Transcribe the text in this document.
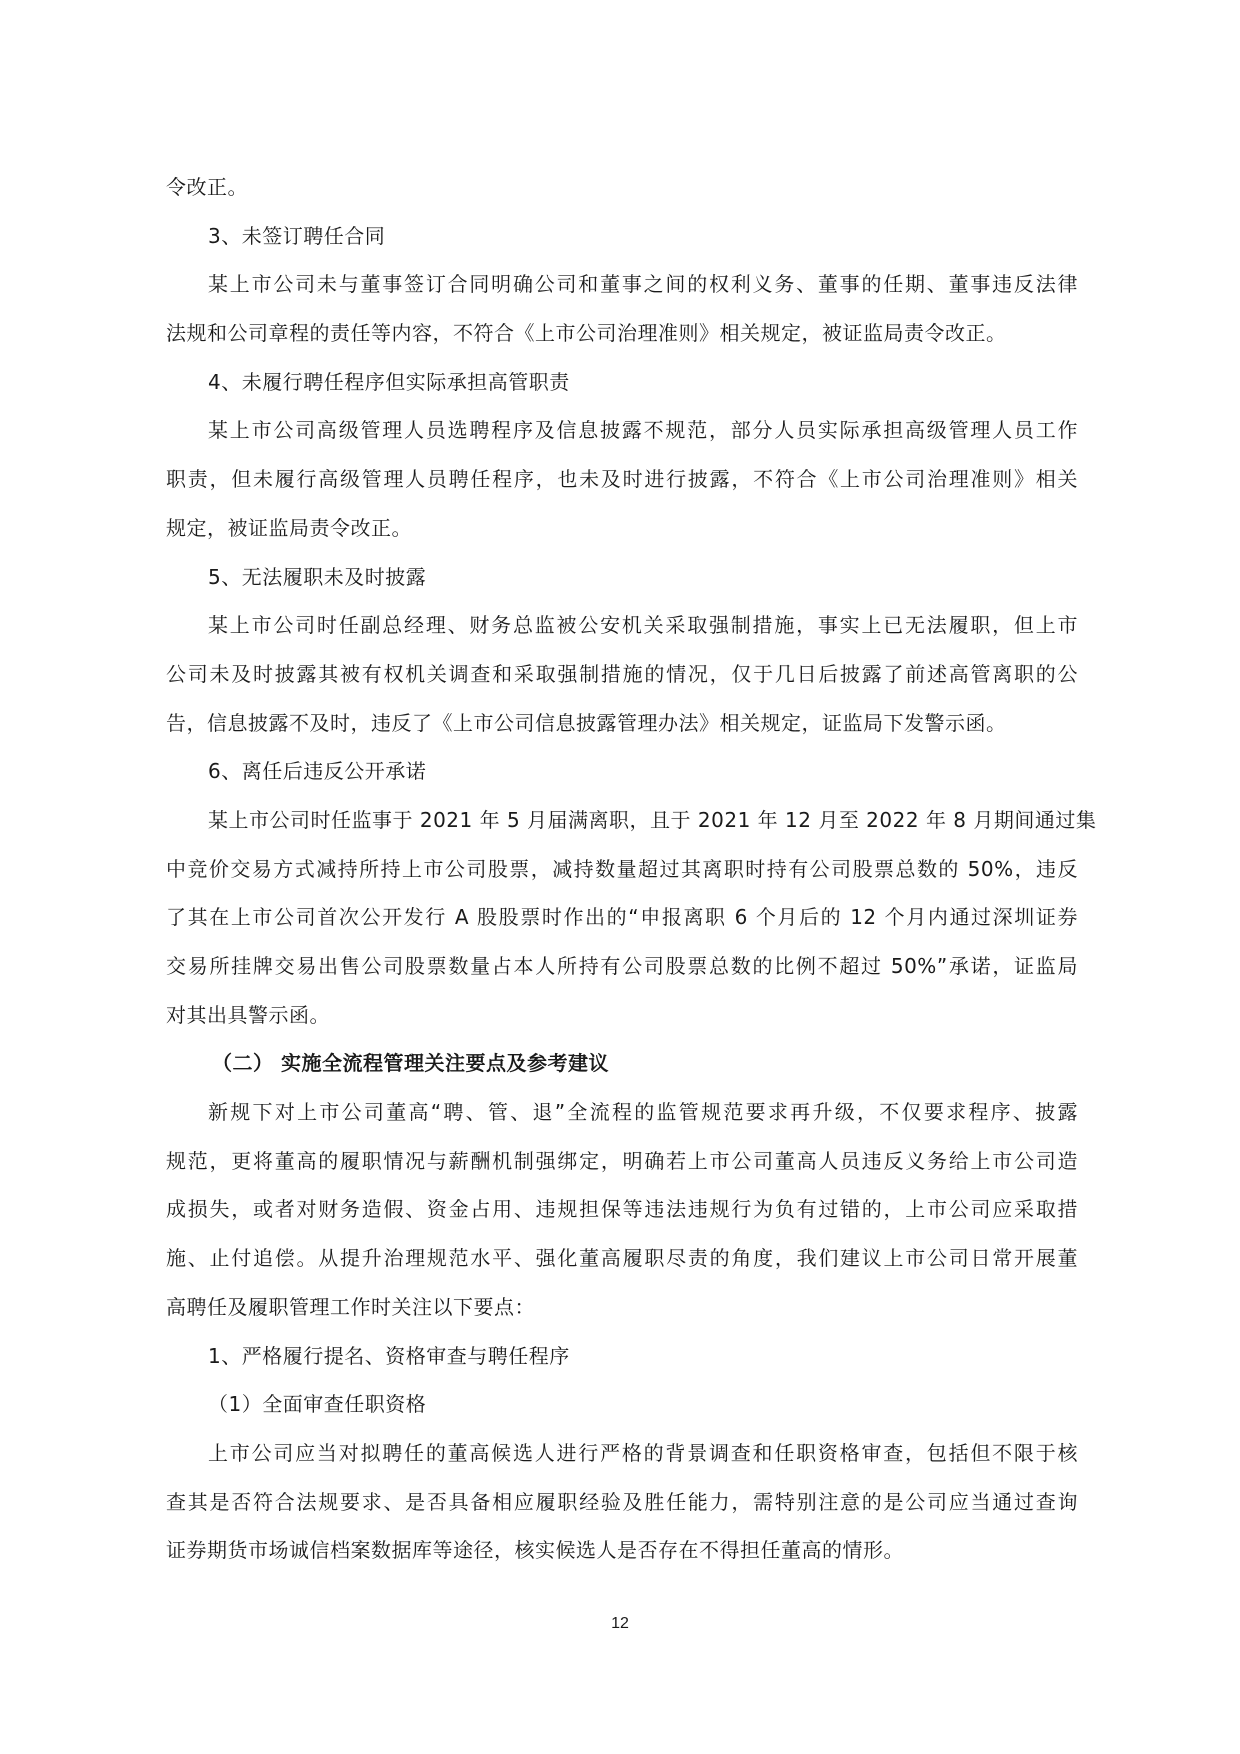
令改正。
3、未签订聘任合同
某上市公司未与董事签订合同明确公司和董事之间的权利义务、董事的任期、董事违反法律
法规和公司章程的责任等内容，不符合《上市公司治理准则》相关规定，被证监局责令改正。
4、未履行聘任程序但实际承担高管职责
某上市公司高级管理人员选聘程序及信息披露不规范，部分人员实际承担高级管理人员工作
职责，但未履行高级管理人员聘任程序，也未及时进行披露，不符合《上市公司治理准则》相关
规定，被证监局责令改正。
5、无法履职未及时披露
某上市公司时任副总经理、财务总监被公安机关采取强制措施，事实上已无法履职，但上市
公司未及时披露其被有权机关调查和采取强制措施的情况，仅于几日后披露了前述高管离职的公
告，信息披露不及时，违反了《上市公司信息披露管理办法》相关规定，证监局下发警示函。
6、离任后违反公开承诺
某上市公司时任监事于 2021 年 5 月届满离职，且于 2021 年 12 月至 2022 年 8 月期间通过集
中竞价交易方式减持所持上市公司股票，减持数量超过其离职时持有公司股票总数的 50%，违反
了其在上市公司首次公开发行 A 股股票时作出的“申报离职 6 个月后的 12 个月内通过深圳证券
交易所挂牌交易出售公司股票数量占本人所持有公司股票总数的比例不超过 50%”承诺，证监局
对其出具警示函。
（二） 实施全流程管理关注要点及参考建议
新规下对上市公司董高“聘、管、退”全流程的监管规范要求再升级，不仅要求程序、披露
规范，更将董高的履职情况与薪酬机制强绑定，明确若上市公司董高人员违反义务给上市公司造
成损失，或者对财务造假、资金占用、违规担保等违法违规行为负有过错的，上市公司应采取措
施、止付追偿。从提升治理规范水平、强化董高履职尽责的角度，我们建议上市公司日常开展董
高聘任及履职管理工作时关注以下要点：
1、严格履行提名、资格审查与聘任程序
（1）全面审查任职资格
上市公司应当对拟聘任的董高候选人进行严格的背景调查和任职资格审查，包括但不限于核
查其是否符合法规要求、是否具备相应履职经验及胜任能力，需特别注意的是公司应当通过查询
证券期货市场诚信档案数据库等途径，核实候选人是否存在不得担任董高的情形。
12
